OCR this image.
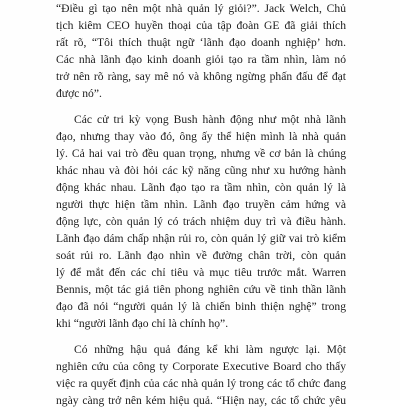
“Điều gì tạo nên một nhà quản lý giỏi?”. Jack Welch, Chủ
tịch kiêm CEO huyền thoại của tập đoàn GE đã giải thích
rất rõ, “Tôi thích thuật ngữ ‘lãnh đạo doanh nghiệp’ hơn.
Các nhà lãnh đạo kinh doanh giỏi tạo ra tầm nhìn, làm nó
trở nên rõ ràng, say mê nó và không ngừng phấn đấu để đạt
được nó”.
Các cử tri kỳ vọng Bush hành động như một nhà lãnh
đạo, nhưng thay vào đó, ông ấy thể hiện mình là nhà quản
lý. Cả hai vai trò đều quan trọng, nhưng về cơ bản là chúng
khác nhau và đòi hỏi các kỹ năng cũng như xu hướng hành
động khác nhau. Lãnh đạo tạo ra tầm nhìn, còn quản lý là
người thực hiện tầm nhìn. Lãnh đạo truyền cảm hứng và
động lực, còn quản lý có trách nhiệm duy trì và điều hành.
Lãnh đạo dám chấp nhận rủi ro, còn quản lý giữ vai trò kiểm
soát rủi ro. Lãnh đạo nhìn về đường chân trời, còn quản
lý để mắt đến các chỉ tiêu và mục tiêu trước mắt. Warren
Bennis, một tác giả tiên phong nghiên cứu về tinh thần lãnh
đạo đã nói “người quản lý là chiến binh thiện nghệ” trong
khi “người lãnh đạo chỉ là chính họ”.
Có những hậu quả đáng kể khi làm ngược lại. Một
nghiên cứu của công ty Corporate Executive Board cho thấy
việc ra quyết định của các nhà quản lý trong các tổ chức đang
ngày càng trở nên kém hiệu quả. “Hiện nay, các tổ chức yêu
